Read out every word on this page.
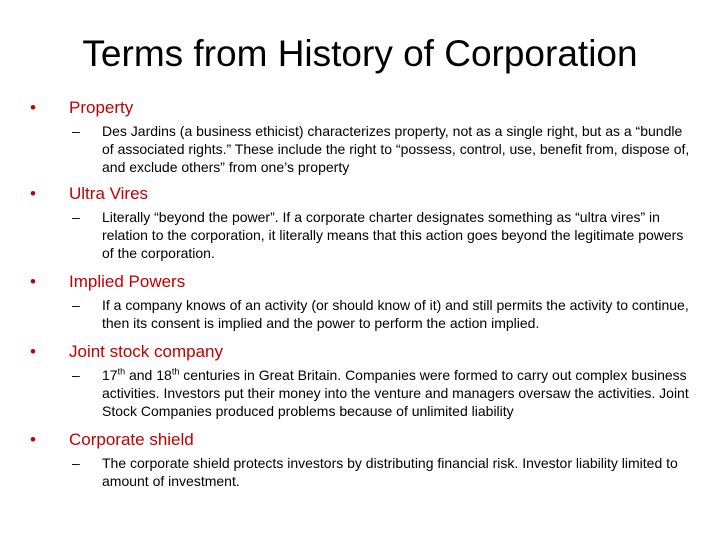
Terms from History of Corporation
•	Property
–	Des Jardins (a business ethicist) characterizes property, not as a single right, but as a “bundle of associated rights.” These include the right to “possess, control, use, benefit from, dispose of, and exclude others” from one’s property
•	Ultra Vires
–	Literally “beyond the power”. If a corporate charter designates something as “ultra vires” in relation to the corporation, it literally means that this action goes beyond the legitimate powers of the corporation.
•	Implied Powers
–	If a company knows of an activity (or should know of it) and still permits the activity to continue, then its consent is implied and the power to perform the action implied.
•	Joint stock company
–	17th and 18th centuries in Great Britain. Companies were formed to carry out complex business activities. Investors put their money into the venture and managers oversaw the activities. Joint Stock Companies produced problems because of unlimited liability
•	Corporate shield
–	The corporate shield protects investors by distributing financial risk. Investor liability limited to amount of investment.
